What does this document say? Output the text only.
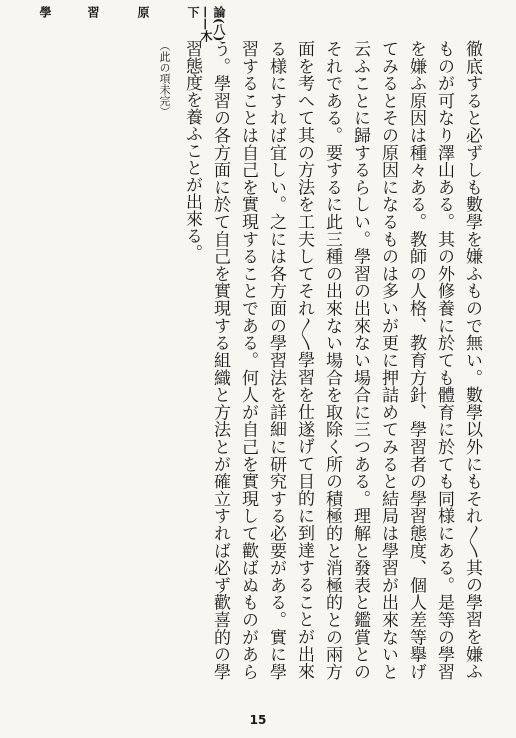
學	習	原	論(八)——木下

徹底すると必ずしも數學を嫌ふもので無い。數學以外にもそれ〳〵其の學習を嫌ふものが可なり澤山ある。其の外修養に於ても體育に於ても同様にある。是等の學習を嫌ふ原因は種々ある。教師の人格、教育方針、學習者の學習態度、個人差等擧げてみるとその原因になるものは多いが更に押詰めてみると結局は學習が出來ないと云ふことに歸するらしい。學習の出來ない場合に三つある。理解と發表と鑑賞とのそれである。要するに此三種の出來ない場合を取除く所の積極的と消極的との兩方面を考へて其の方法を工夫してそれ〳〵學習を仕遂げて目的に到達することが出來る様にすれば宜しい。之には各方面の學習法を詳細に研究する必要がある。實に學習することは自己を實現することである。何人が自己を實現して歡ばぬものがあらう。學習の各方面に於て自己を實現する組織と方法とが確立すれば必ず歡喜的の學習態度を養ふことが出來る。

（此の項未完）
15
